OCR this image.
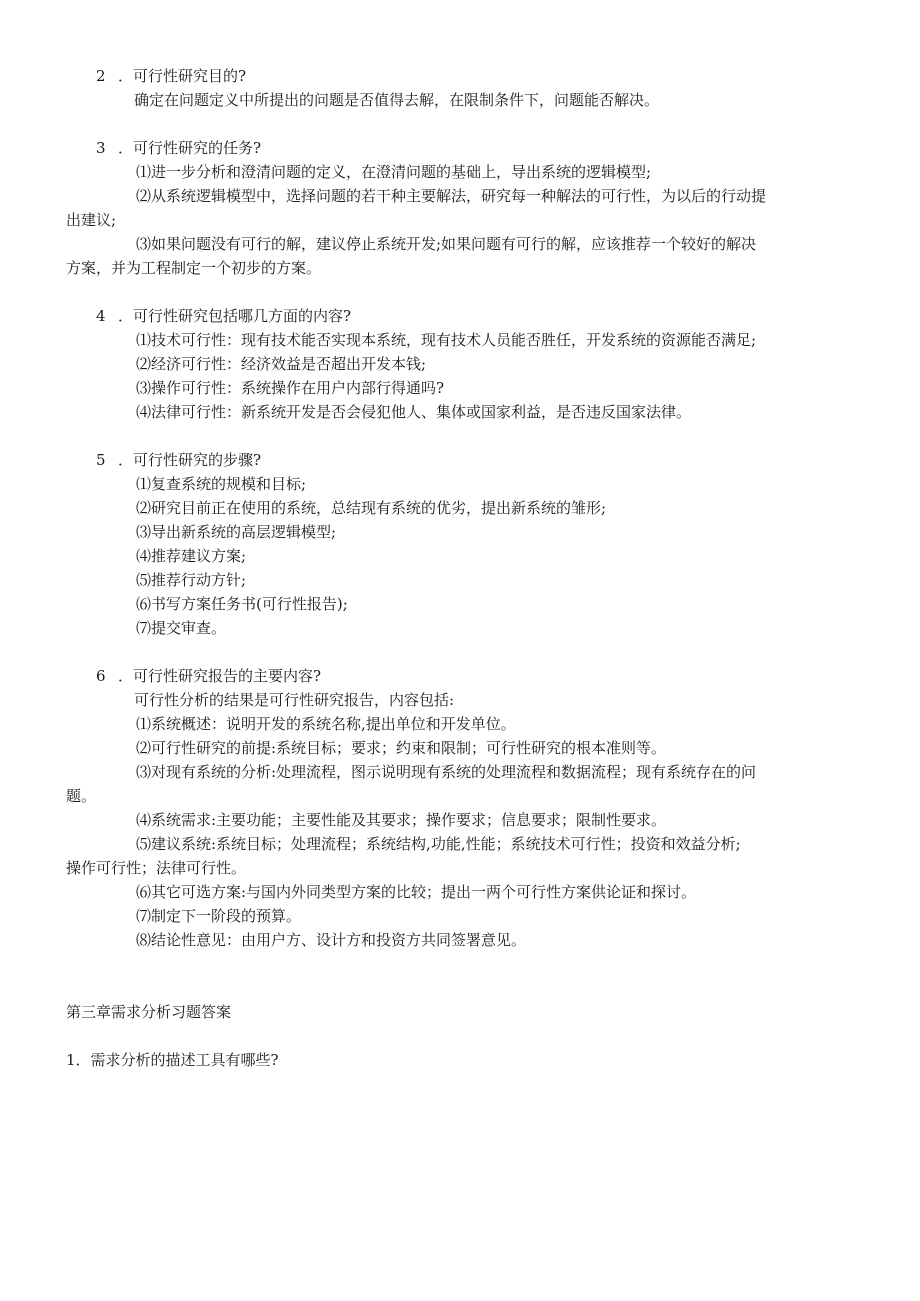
2 ．可行性研究目的?
确定在问题定义中所提出的问题是否值得去解，在限制条件下，问题能否解决。
3 ．可行性研究的任务?
⑴进一步分析和澄清问题的定义，在澄清问题的基础上，导出系统的逻辑模型;
⑵从系统逻辑模型中，选择问题的若干种主要解法，研究每一种解法的可行性，为以后的行动提
出建议;
⑶如果问题没有可行的解，建议停止系统开发;如果问题有可行的解，应该推荐一个较好的解决
方案，并为工程制定一个初步的方案。
4 ．可行性研究包括哪几方面的内容?
⑴技术可行性：现有技术能否实现本系统，现有技术人员能否胜任，开发系统的资源能否满足;
⑵经济可行性：经济效益是否超出开发本钱;
⑶操作可行性：系统操作在用户内部行得通吗?
⑷法律可行性：新系统开发是否会侵犯他人、集体或国家利益，是否违反国家法律。
5 ．可行性研究的步骤?
⑴复查系统的规模和目标;
⑵研究目前正在使用的系统，总结现有系统的优劣，提出新系统的雏形;
⑶导出新系统的高层逻辑模型;
⑷推荐建议方案;
⑸推荐行动方针;
⑹书写方案任务书(可行性报告);
⑺提交审查。
6 ．可行性研究报告的主要内容?
可行性分析的结果是可行性研究报告，内容包括:
⑴系统概述：说明开发的系统名称,提出单位和开发单位。
⑵可行性研究的前提:系统目标；要求；约束和限制；可行性研究的根本准则等。
⑶对现有系统的分析:处理流程，图示说明现有系统的处理流程和数据流程；现有系统存在的问
题。
⑷系统需求:主要功能；主要性能及其要求；操作要求；信息要求；限制性要求。
⑸建议系统:系统目标；处理流程；系统结构,功能,性能；系统技术可行性；投资和效益分析;
操作可行性；法律可行性。
⑹其它可选方案:与国内外同类型方案的比较；提出一两个可行性方案供论证和探讨。
⑺制定下一阶段的预算。
⑻结论性意见：由用户方、设计方和投资方共同签署意见。
第三章需求分析习题答案
1．需求分析的描述工具有哪些?
